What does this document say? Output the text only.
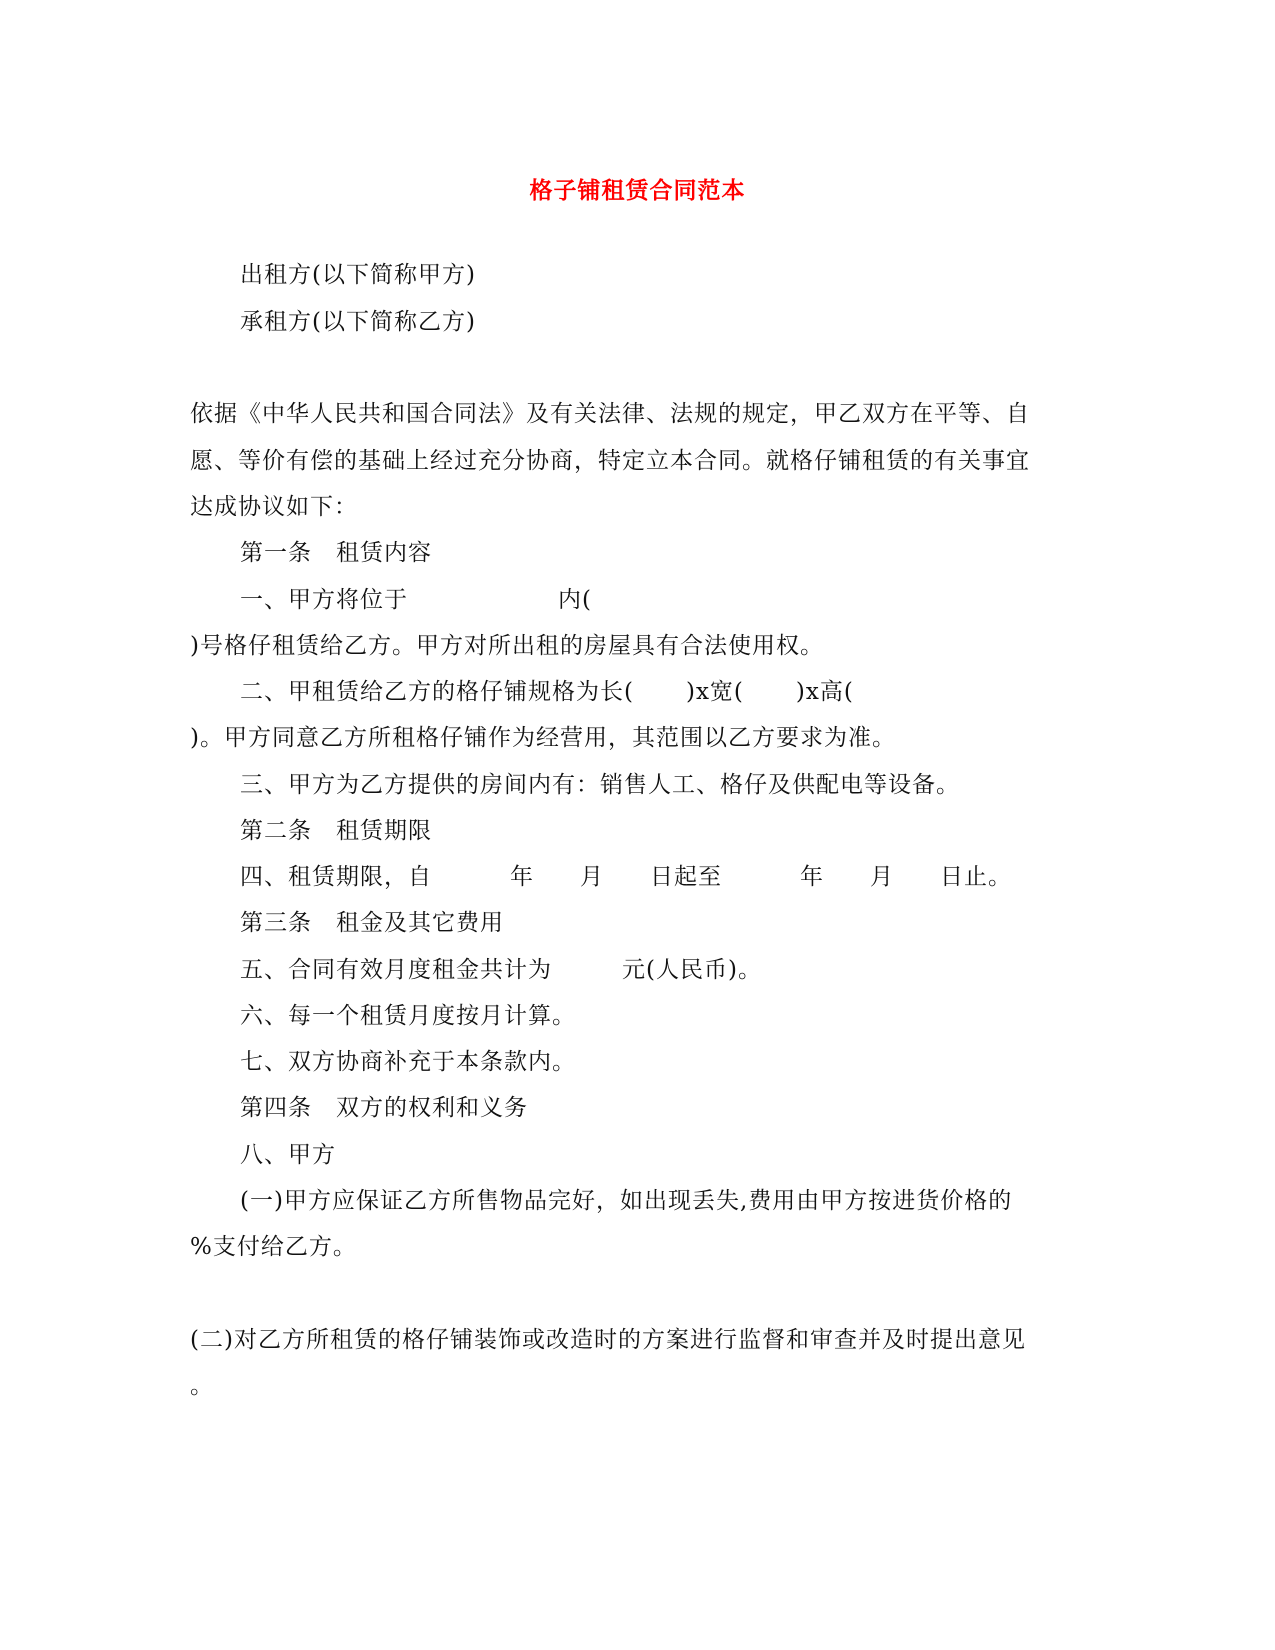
格子铺租赁合同范本
出租方(以下简称甲方)
承租方(以下简称乙方)
依据《中华人民共和国合同法》及有关法律、法规的规定，甲乙双方在平等、自
愿、等价有偿的基础上经过充分协商，特定立本合同。就格仔铺租赁的有关事宜
达成协议如下：
第一条　租赁内容
一、甲方将位于	内(
)号格仔租赁给乙方。甲方对所出租的房屋具有合法使用权。
二、甲租赁给乙方的格仔铺规格为长( )x宽( )x高(
)。甲方同意乙方所租格仔铺作为经营用，其范围以乙方要求为准。
三、甲方为乙方提供的房间内有：销售人工、格仔及供配电等设备。
第二条　租赁期限
四、租赁期限，自	年 月 日起至	年 月 日止。
第三条　租金及其它费用
五、合同有效月度租金共计为	元(人民币)。
六、每一个租赁月度按月计算。
七、双方协商补充于本条款内。
第四条　双方的权利和义务
八、甲方
(一)甲方应保证乙方所售物品完好，如出现丢失,费用由甲方按进货价格的
%支付给乙方。
(二)对乙方所租赁的格仔铺装饰或改造时的方案进行监督和审查并及时提出意见
。
